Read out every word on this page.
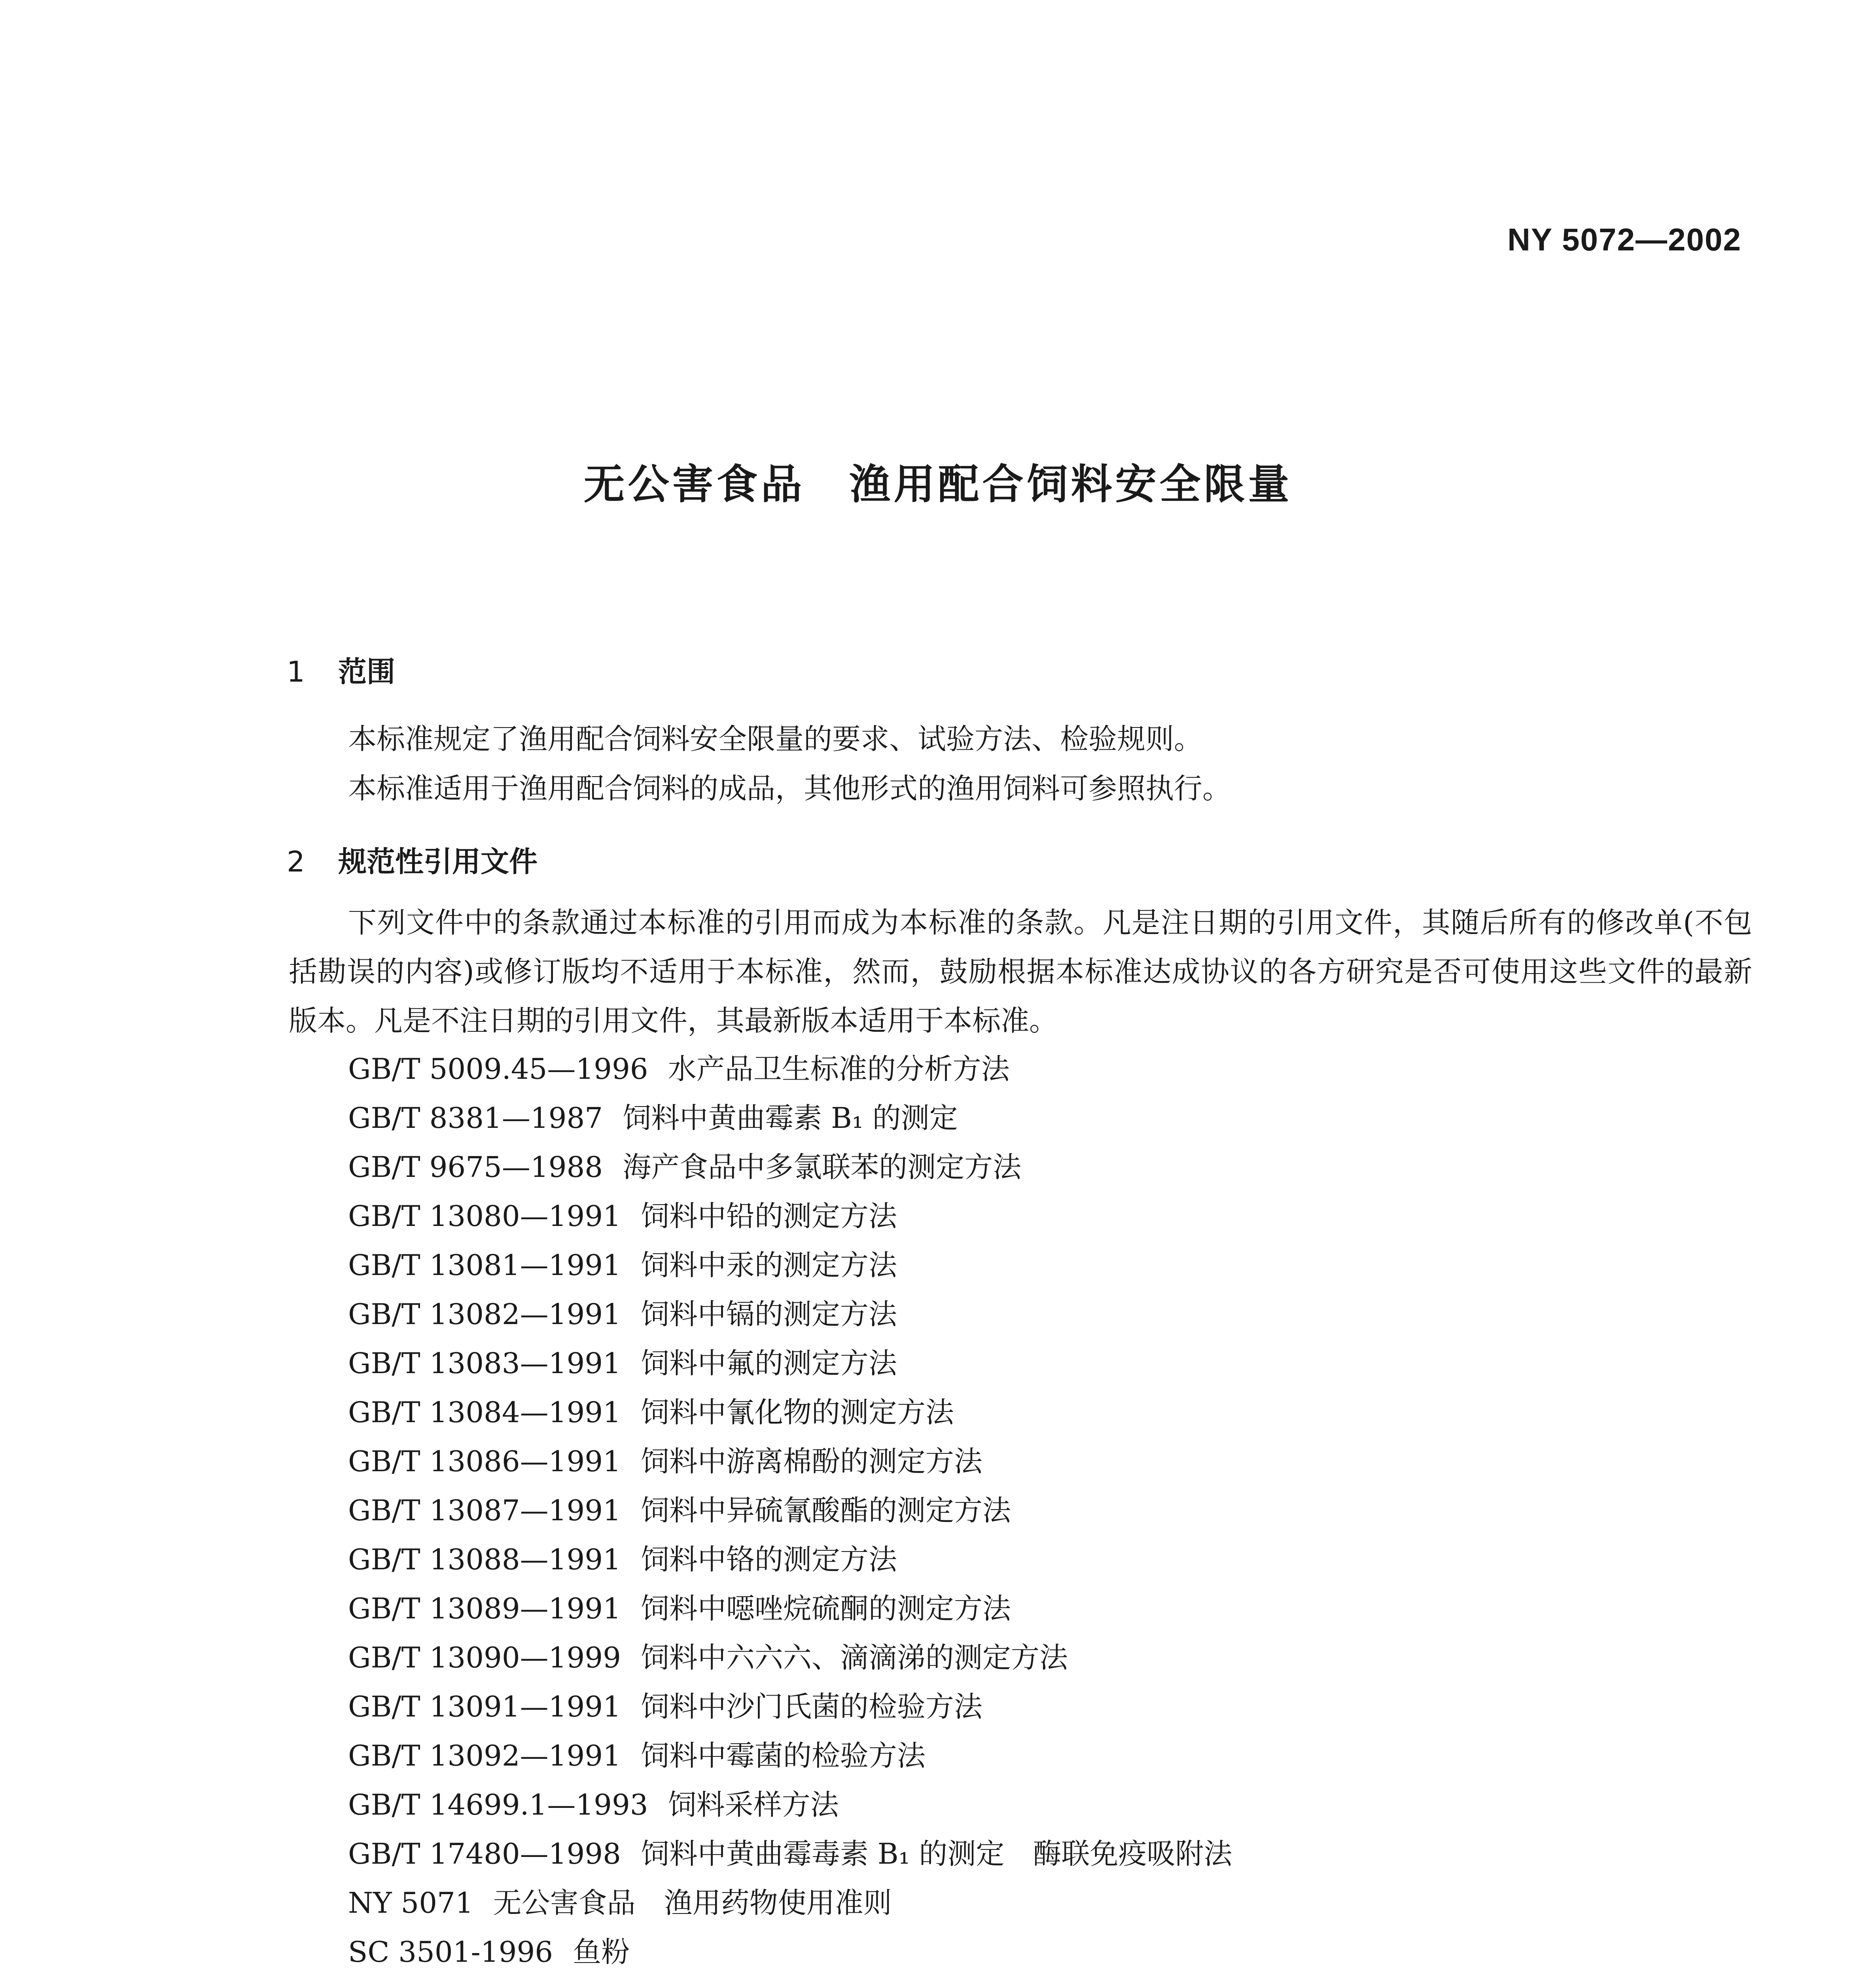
NY 5072—2002
无公害食品　渔用配合饲料安全限量
1 范围
本标准规定了渔用配合饲料安全限量的要求、试验方法、检验规则。
本标准适用于渔用配合饲料的成品，其他形式的渔用饲料可参照执行。
2 规范性引用文件

下列文件中的条款通过本标准的引用而成为本标准的条款。凡是注日期的引用文件，其随后所有的修改单(不包括勘误的内容)或修订版均不适用于本标准，然而，鼓励根据本标准达成协议的各方研究是否可使用这些文件的最新版本。凡是不注日期的引用文件，其最新版本适用于本标准。

GB/T 5009.45—1996 水产品卫生标准的分析方法
GB/T 8381—1987 饲料中黄曲霉素 B₁ 的测定
GB/T 9675—1988 海产食品中多氯联苯的测定方法
GB/T 13080—1991 饲料中铅的测定方法
GB/T 13081—1991 饲料中汞的测定方法
GB/T 13082—1991 饲料中镉的测定方法
GB/T 13083—1991 饲料中氟的测定方法
GB/T 13084—1991 饲料中氰化物的测定方法
GB/T 13086—1991 饲料中游离棉酚的测定方法
GB/T 13087—1991 饲料中异硫氰酸酯的测定方法
GB/T 13088—1991 饲料中铬的测定方法
GB/T 13089—1991 饲料中噁唑烷硫酮的测定方法
GB/T 13090—1999 饲料中六六六、滴滴涕的测定方法
GB/T 13091—1991 饲料中沙门氏菌的检验方法
GB/T 13092—1991 饲料中霉菌的检验方法
GB/T 14699.1—1993 饲料采样方法
GB/T 17480—1998 饲料中黄曲霉毒素 B₁ 的测定　酶联免疫吸附法
NY 5071 无公害食品　渔用药物使用准则
SC 3501-1996 鱼粉
